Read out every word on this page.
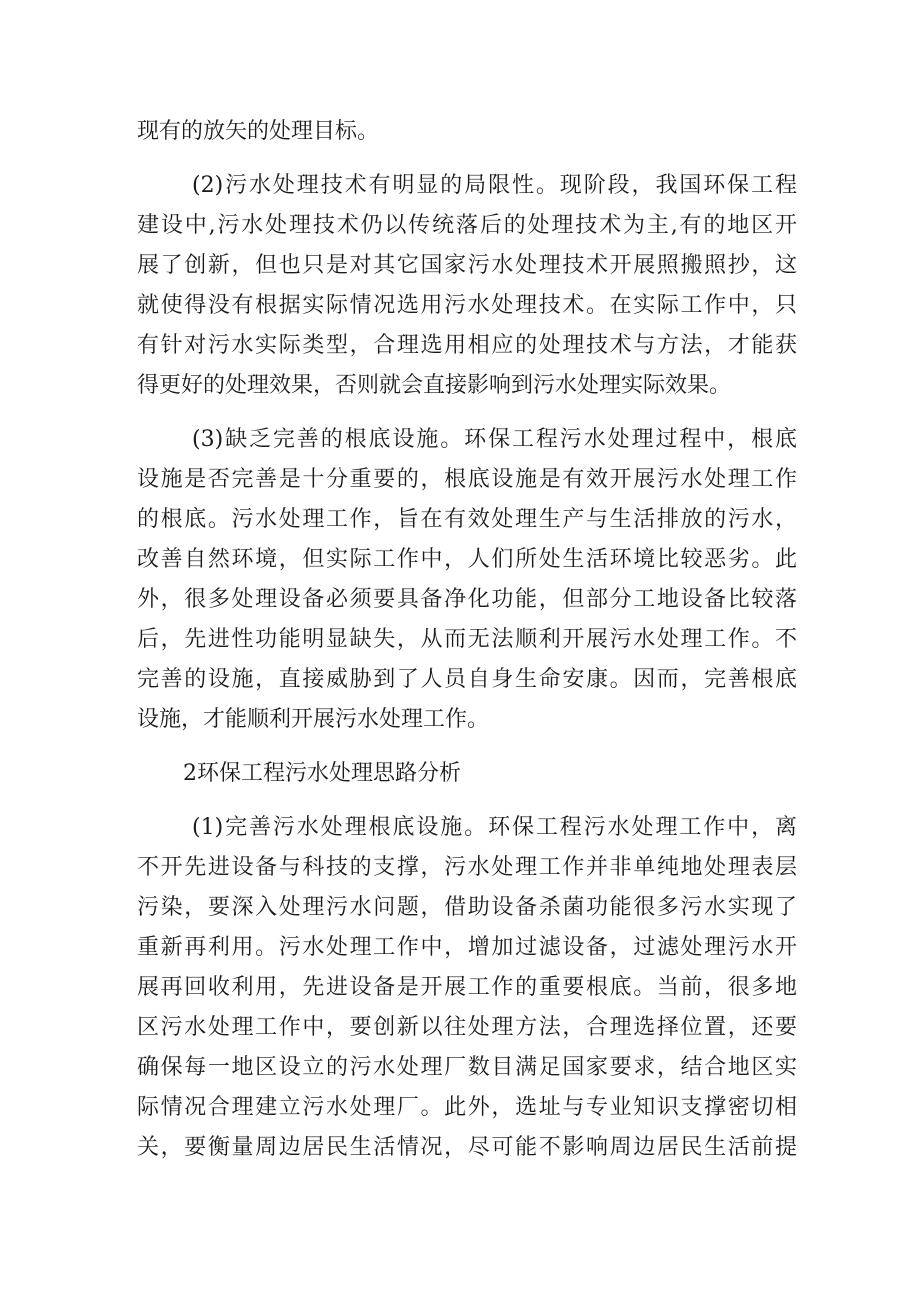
现有的放矢的处理目标。
(2)污水处理技术有明显的局限性。现阶段，我国环保工程
建设中,污水处理技术仍以传统落后的处理技术为主,有的地区开
展了创新，但也只是对其它国家污水处理技术开展照搬照抄，这
就使得没有根据实际情况选用污水处理技术。在实际工作中，只
有针对污水实际类型，合理选用相应的处理技术与方法，才能获
得更好的处理效果，否则就会直接影响到污水处理实际效果。
(3)缺乏完善的根底设施。环保工程污水处理过程中，根底
设施是否完善是十分重要的，根底设施是有效开展污水处理工作
的根底。污水处理工作，旨在有效处理生产与生活排放的污水，
改善自然环境，但实际工作中，人们所处生活环境比较恶劣。此
外，很多处理设备必须要具备净化功能，但部分工地设备比较落
后，先进性功能明显缺失，从而无法顺利开展污水处理工作。不
完善的设施，直接威胁到了人员自身生命安康。因而，完善根底
设施，才能顺利开展污水处理工作。
2环保工程污水处理思路分析
(1)完善污水处理根底设施。环保工程污水处理工作中，离
不开先进设备与科技的支撑，污水处理工作并非单纯地处理表层
污染，要深入处理污水问题，借助设备杀菌功能很多污水实现了
重新再利用。污水处理工作中，增加过滤设备，过滤处理污水开
展再回收利用，先进设备是开展工作的重要根底。当前，很多地
区污水处理工作中，要创新以往处理方法，合理选择位置，还要
确保每一地区设立的污水处理厂数目满足国家要求，结合地区实
际情况合理建立污水处理厂。此外，选址与专业知识支撑密切相
关，要衡量周边居民生活情况，尽可能不影响周边居民生活前提
